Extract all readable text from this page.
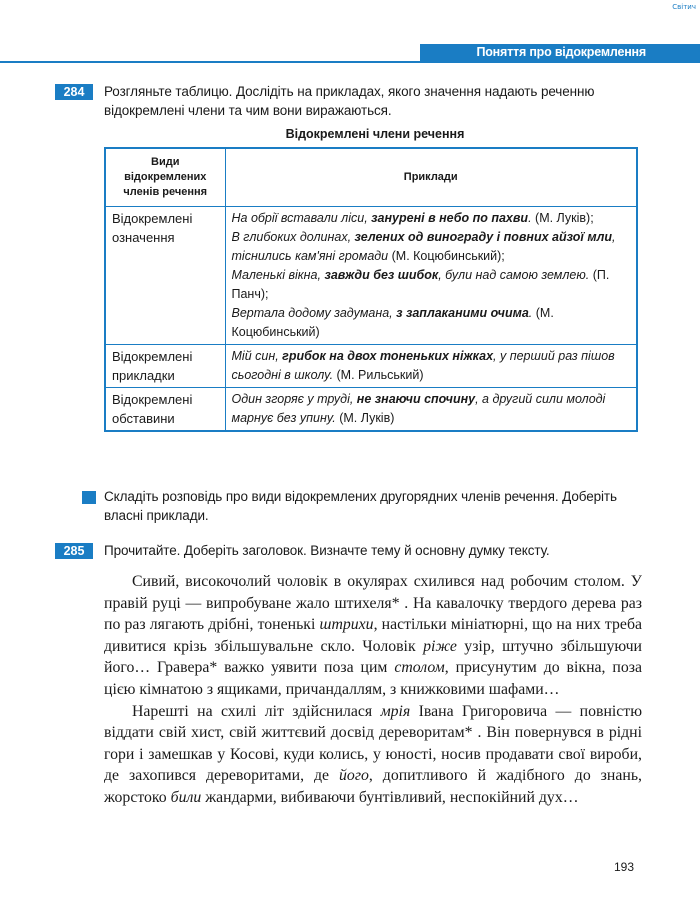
Світич
Поняття про відокремлення
284	Розгляньте таблицю. Дослідіть на прикладах, якого значення надають реченню відокремлені члени та чим вони виражаються.
Відокремлені члени речення
Види відокремлених членів речення	Приклади
Відокремлені означення	На обрії вставали ліси, занурені в небо по пахви. (М. Луків);
В глибоких долинах, зелених од винограду і повних айзої мли, тіснились кам'яні громади (М. Коцюбинський);
Маленькі вікна, завжди без шибок, були над самою землею. (П. Панч);
Вертала додому задумана, з заплаканими очима. (М. Коцюбинський)

Відокремлені прикладки	Мій син, грибок на двох тоненьких ніжках, у перший раз пішов сьогодні в школу. (М. Рильський)

Відокремлені обставини	Один згоряє у труді, не знаючи спочину, а другий сили молоді марнує без упину. (М. Луків)
Складіть розповідь про види відокремлених другорядних членів речення. Доберіть власні приклади.
285	Прочитайте. Доберіть заголовок. Визначте тему й основну думку тексту.

Сивий, високочолий чоловік в окулярах схилився над робочим столом. У правій руці — випробуване жало штихеля* . На кавалочку твердого дерева раз по раз лягають дрібні, тоненькі штрихи, настільки мініатюрні, що на них треба дивитися крізь збільшувальне скло. Чоловік ріже узір, штучно збільшуючи його… Гравера* важко уявити поза цим столом, присунутим до вікна, поза цією кімнатою з ящиками, причандаллям, з книжковими шафами…

Нарешті на схилі літ здійснилася мрія Івана Григоровича — повністю віддати свій хист, свій життєвий досвід дереворитам* . Він повернувся в рідні гори і замешкав у Косові, куди колись, у юності, носив продавати свої вироби, де захопився дереворитами, де його, допитливого й жадібного до знань, жорстоко били жандарми, вибиваючи бунтівливий, неспокійний дух…

193
